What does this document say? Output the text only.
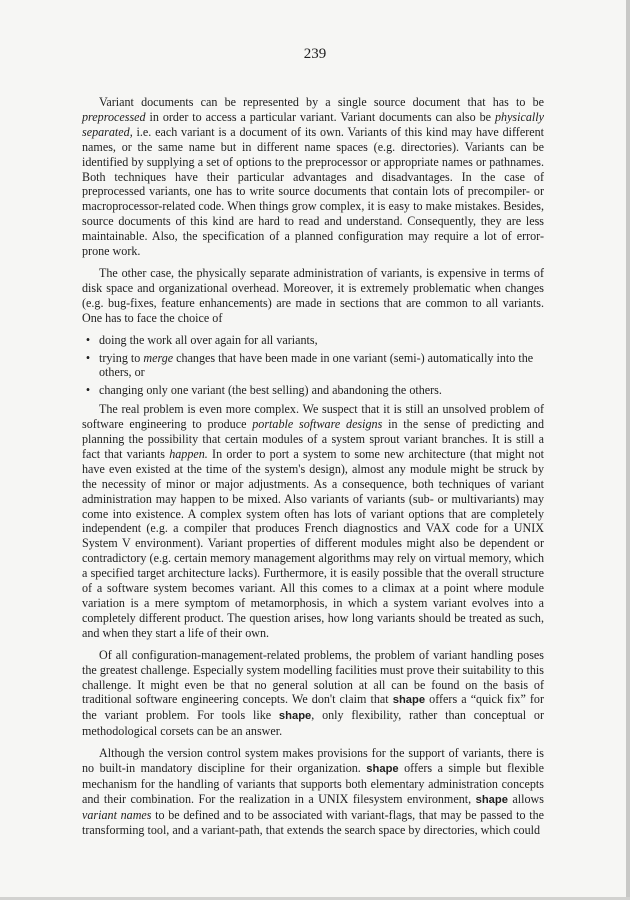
239

Variant documents can be represented by a single source document that has to be preprocessed in order to access a particular variant. Variant documents can also be physically separated, i.e. each variant is a document of its own. Variants of this kind may have different names, or the same name but in different name spaces (e.g. directories). Variants can be identified by supplying a set of options to the preprocessor or appropriate names or pathnames. Both techniques have their particular advantages and disadvantages. In the case of preprocessed variants, one has to write source documents that contain lots of precompiler- or macroprocessor-related code. When things grow complex, it is easy to make mistakes. Besides, source documents of this kind are hard to read and understand. Consequently, they are less maintainable. Also, the specification of a planned configuration may require a lot of error-prone work.

The other case, the physically separate administration of variants, is expensive in terms of disk space and organizational overhead. Moreover, it is extremely problematic when changes (e.g. bug-fixes, feature enhancements) are made in sections that are common to all variants. One has to face the choice of

• doing the work all over again for all variants,
• trying to merge changes that have been made in one variant (semi-) automatically into the others, or
• changing only one variant (the best selling) and abandoning the others.

The real problem is even more complex. We suspect that it is still an unsolved problem of software engineering to produce portable software designs in the sense of predicting and planning the possibility that certain modules of a system sprout variant branches. It is still a fact that variants happen. In order to port a system to some new architecture (that might not have even existed at the time of the system's design), almost any module might be struck by the necessity of minor or major adjustments. As a consequence, both techniques of variant administration may happen to be mixed. Also variants of variants (sub- or multivariants) may come into existence. A complex system often has lots of variant options that are completely independent (e.g. a compiler that produces French diagnostics and VAX code for a UNIX System V environment). Variant properties of different modules might also be dependent or contradictory (e.g. certain memory management algorithms may rely on virtual memory, which a specified target architecture lacks). Furthermore, it is easily possible that the overall structure of a software system becomes variant. All this comes to a climax at a point where module variation is a mere symptom of metamorphosis, in which a system variant evolves into a completely different product. The question arises, how long variants should be treated as such, and when they start a life of their own.

Of all configuration-management-related problems, the problem of variant handling poses the greatest challenge. Especially system modelling facilities must prove their suitability to this challenge. It might even be that no general solution at all can be found on the basis of traditional software engineering concepts. We don't claim that shape offers a “quick fix” for the variant problem. For tools like shape, only flexibility, rather than conceptual or methodological corsets can be an answer.

Although the version control system makes provisions for the support of variants, there is no built-in mandatory discipline for their organization. shape offers a simple but flexible mechanism for the handling of variants that supports both elementary administration concepts and their combination. For the realization in a UNIX filesystem environment, shape allows variant names to be defined and to be associated with variant-flags, that may be passed to the transforming tool, and a variant-path, that extends the search space by directories, which could
